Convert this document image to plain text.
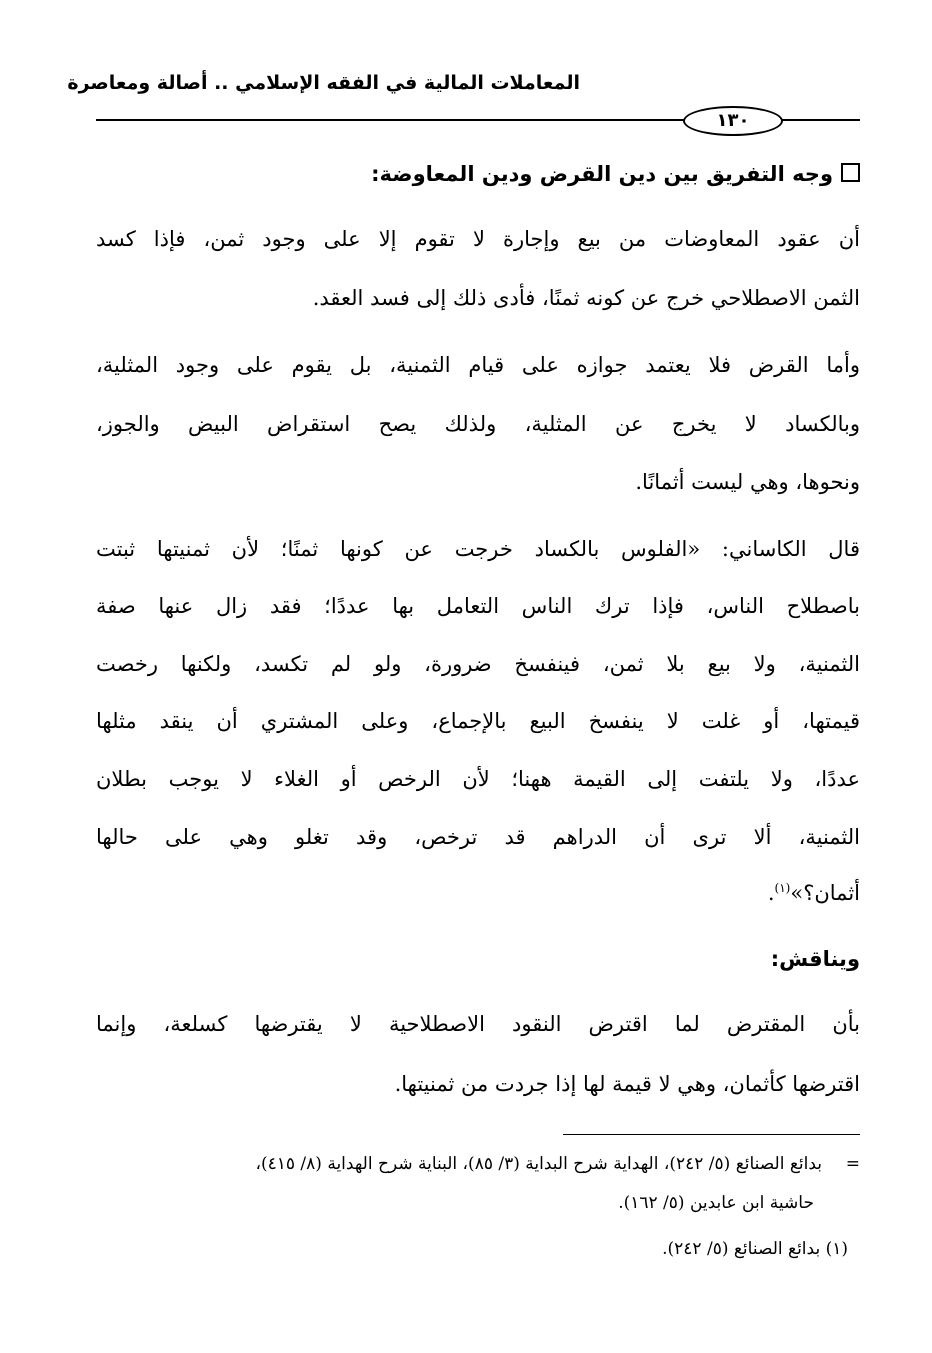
المعاملات المالية في الفقه الإسلامي .. أصالة ومعاصرة
١٣٠
وجه التفريق بين دين القرض ودين المعاوضة:
أن عقود المعاوضات من بيع وإجارة لا تقوم إلا على وجود ثمن، فإذا كسد
الثمن الاصطلاحي خرج عن كونه ثمنًا، فأدى ذلك إلى فسد العقد.
وأما القرض فلا يعتمد جوازه على قيام الثمنية، بل يقوم على وجود المثلية،
وبالكساد لا يخرج عن المثلية، ولذلك يصح استقراض البيض والجوز،
ونحوها، وهي ليست أثمانًا.
قال الكاساني: «الفلوس بالكساد خرجت عن كونها ثمنًا؛ لأن ثمنيتها ثبتت
باصطلاح الناس، فإذا ترك الناس التعامل بها عددًا؛ فقد زال عنها صفة
الثمنية، ولا بيع بلا ثمن، فينفسخ ضرورة، ولو لم تكسد، ولكنها رخصت
قيمتها، أو غلت لا ينفسخ البيع بالإجماع، وعلى المشتري أن ينقد مثلها
عددًا، ولا يلتفت إلى القيمة ههنا؛ لأن الرخص أو الغلاء لا يوجب بطلان
الثمنية، ألا ترى أن الدراهم قد ترخص، وقد تغلو وهي على حالها
أثمان؟»$^{(١)}$.
ويناقش:
بأن المقترض لما اقترض النقود الاصطلاحية لا يقترضها كسلعة، وإنما
اقترضها كأثمان، وهي لا قيمة لها إذا جردت من ثمنيتها.
=بدائع الصنائع (٥/ ٢٤٢)، الهداية شرح البداية (٣/ ٨٥)، البناية شرح الهداية (٨/ ٤١٥)،
حاشية ابن عابدين (٥/ ١٦٢).
(١) بدائع الصنائع (٥/ ٢٤٢).
